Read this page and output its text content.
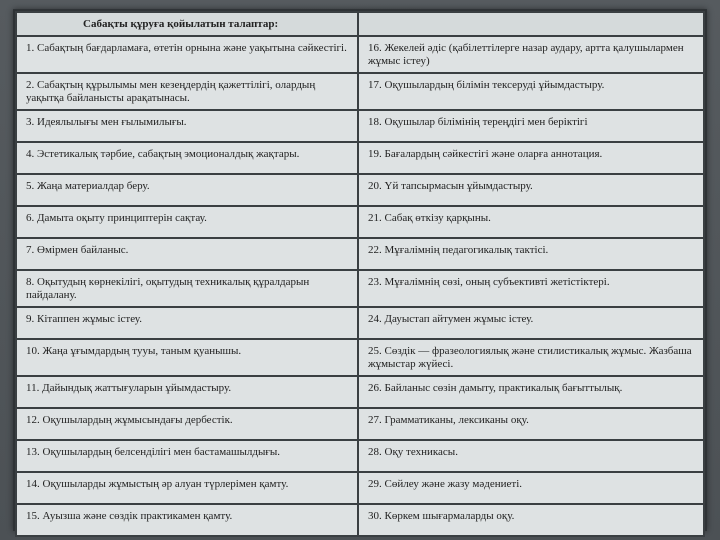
Сабақты құруға қойылатын талаптар:	
1. Сабақтың бағдарламаға, өтетін орнына және уақытына сәйкестігі.	16. Жекелей әдіс (қабілеттілерге назар аудару, артта қалушылармен жұмыс істеу)
2. Сабақтың құрылымы мен кезеңдердің қажеттілігі, олардың уақытқа байланысты арақатынасы.	17. Оқушылардың білімін тексеруді ұйымдастыру.
3. Идеялылығы мен ғылымилығы.	18. Оқушылар білімінің тереңдігі мен беріктігі
4. Эстетикалық тәрбие, сабақтың эмоционалдық жақтары.	19. Бағалардың сәйкестігі және оларға аннотация.
5. Жаңа материалдар беру.	20. Үй тапсырмасын ұйымдастыру.
6. Дамыта оқыту принциптерін сақтау.	21. Сабақ өткізу қарқыны.
7. Өмірмен байланыс.	22. Мұғалімнің педагогикалық тактісі.
8. Оқытудың көрнекілігі, оқытудың техникалық құралдарын пайдалану.	23. Мұғалімнің сөзі, оның субъективті жетістіктері.
9. Кітаппен жұмыс істеу.	24. Дауыстап айтумен жұмыс істеу.
10. Жаңа ұғымдардың тууы, таным қуанышы.	25. Сөздік — фразеологиялық және стилистикалық жұмыс. Жазбаша жұмыстар жүйесі.
11. Дайындық жаттығуларын ұйымдастыру.	26. Байланыс сөзін дамыту, практикалық бағыттылық.
12. Оқушылардың жұмысындағы дербестік.	27. Грамматиканы, лексиканы оқу.
13. Оқушылардың белсенділігі мен бастамашылдығы.	28. Оқу техникасы.
14. Оқушыларды жұмыстың әр алуан түрлерімен қамту.	29. Сөйлеу және жазу мәдениеті.
15. Ауызша және сөздік практикамен қамту.	30. Көркем шығармаларды оқу.
